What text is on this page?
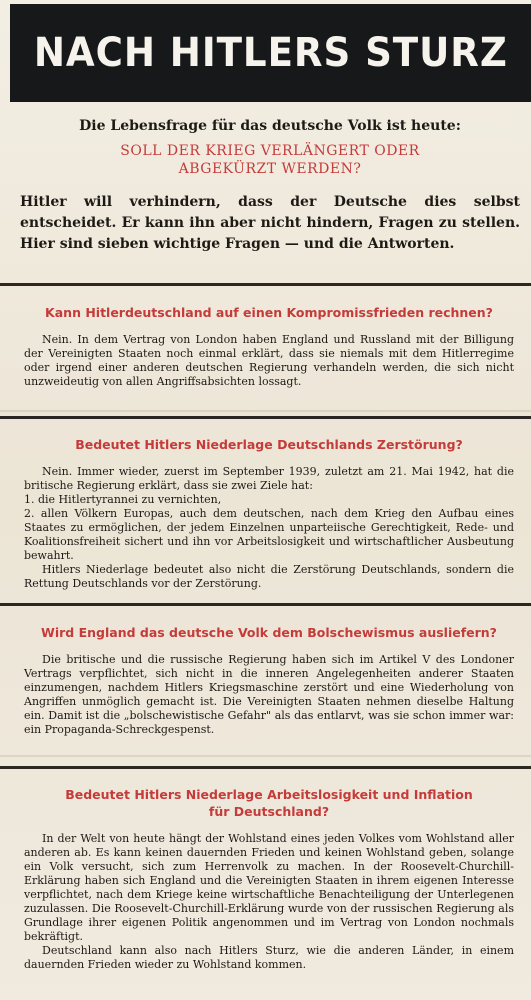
NACH HITLERS STURZ

Die Lebensfrage für das deutsche Volk ist heute:

SOLL DER KRIEG VERLÄNGERT ODER
ABGEKÜRZT WERDEN?

Hitler will verhindern, dass der Deutsche dies selbst entscheidet. Er kann ihn aber nicht hindern, Fragen zu stellen. Hier sind sieben wichtige Fragen — und die Antworten.

Kann Hitlerdeutschland auf einen Kompromissfrieden rechnen?

Nein. In dem Vertrag von London haben England und Russland mit der Billigung der Vereinigten Staaten noch einmal erklärt, dass sie niemals mit dem Hitlerregime oder irgend einer anderen deutschen Regierung verhandeln werden, die sich nicht unzweideutig von allen Angriffsabsichten lossagt.

Bedeutet Hitlers Niederlage Deutschlands Zerstörung?

Nein. Immer wieder, zuerst im September 1939, zuletzt am 21. Mai 1942, hat die britische Regierung erklärt, dass sie zwei Ziele hat:

1. die Hitlertyrannei zu vernichten,

2. allen Völkern Europas, auch dem deutschen, nach dem Krieg den Aufbau eines Staates zu ermöglichen, der jedem Einzelnen unparteiische Gerechtigkeit, Rede- und Koalitionsfreiheit sichert und ihn vor Arbeitslosigkeit und wirtschaftlicher Ausbeutung bewahrt.

Hitlers Niederlage bedeutet also nicht die Zerstörung Deutschlands, sondern die Rettung Deutschlands vor der Zerstörung.

Wird England das deutsche Volk dem Bolschewismus ausliefern?

Die britische und die russische Regierung haben sich im Artikel V des Londoner Vertrags verpflichtet, sich nicht in die inneren Angelegenheiten anderer Staaten einzumengen, nachdem Hitlers Kriegsmaschine zerstört und eine Wiederholung von Angriffen unmöglich gemacht ist. Die Vereinigten Staaten nehmen dieselbe Haltung ein. Damit ist die „bolschewistische Gefahr" als das entlarvt, was sie schon immer war: ein Propaganda-Schreckgespenst.

Bedeutet Hitlers Niederlage Arbeitslosigkeit und Inflation
für Deutschland?

In der Welt von heute hängt der Wohlstand eines jeden Volkes vom Wohlstand aller anderen ab. Es kann keinen dauernden Frieden und keinen Wohlstand geben, solange ein Volk versucht, sich zum Herrenvolk zu machen. In der Roosevelt-Churchill-Erklärung haben sich England und die Vereinigten Staaten in ihrem eigenen Interesse verpflichtet, nach dem Kriege keine wirtschaftliche Benachteiligung der Unterlegenen zuzulassen. Die Roosevelt-Churchill-Erklärung wurde von der russischen Regierung als Grundlage ihrer eigenen Politik angenommen und im Vertrag von London nochmals bekräftigt.

Deutschland kann also nach Hitlers Sturz, wie die anderen Länder, in einem dauernden Frieden wieder zu Wohlstand kommen.
